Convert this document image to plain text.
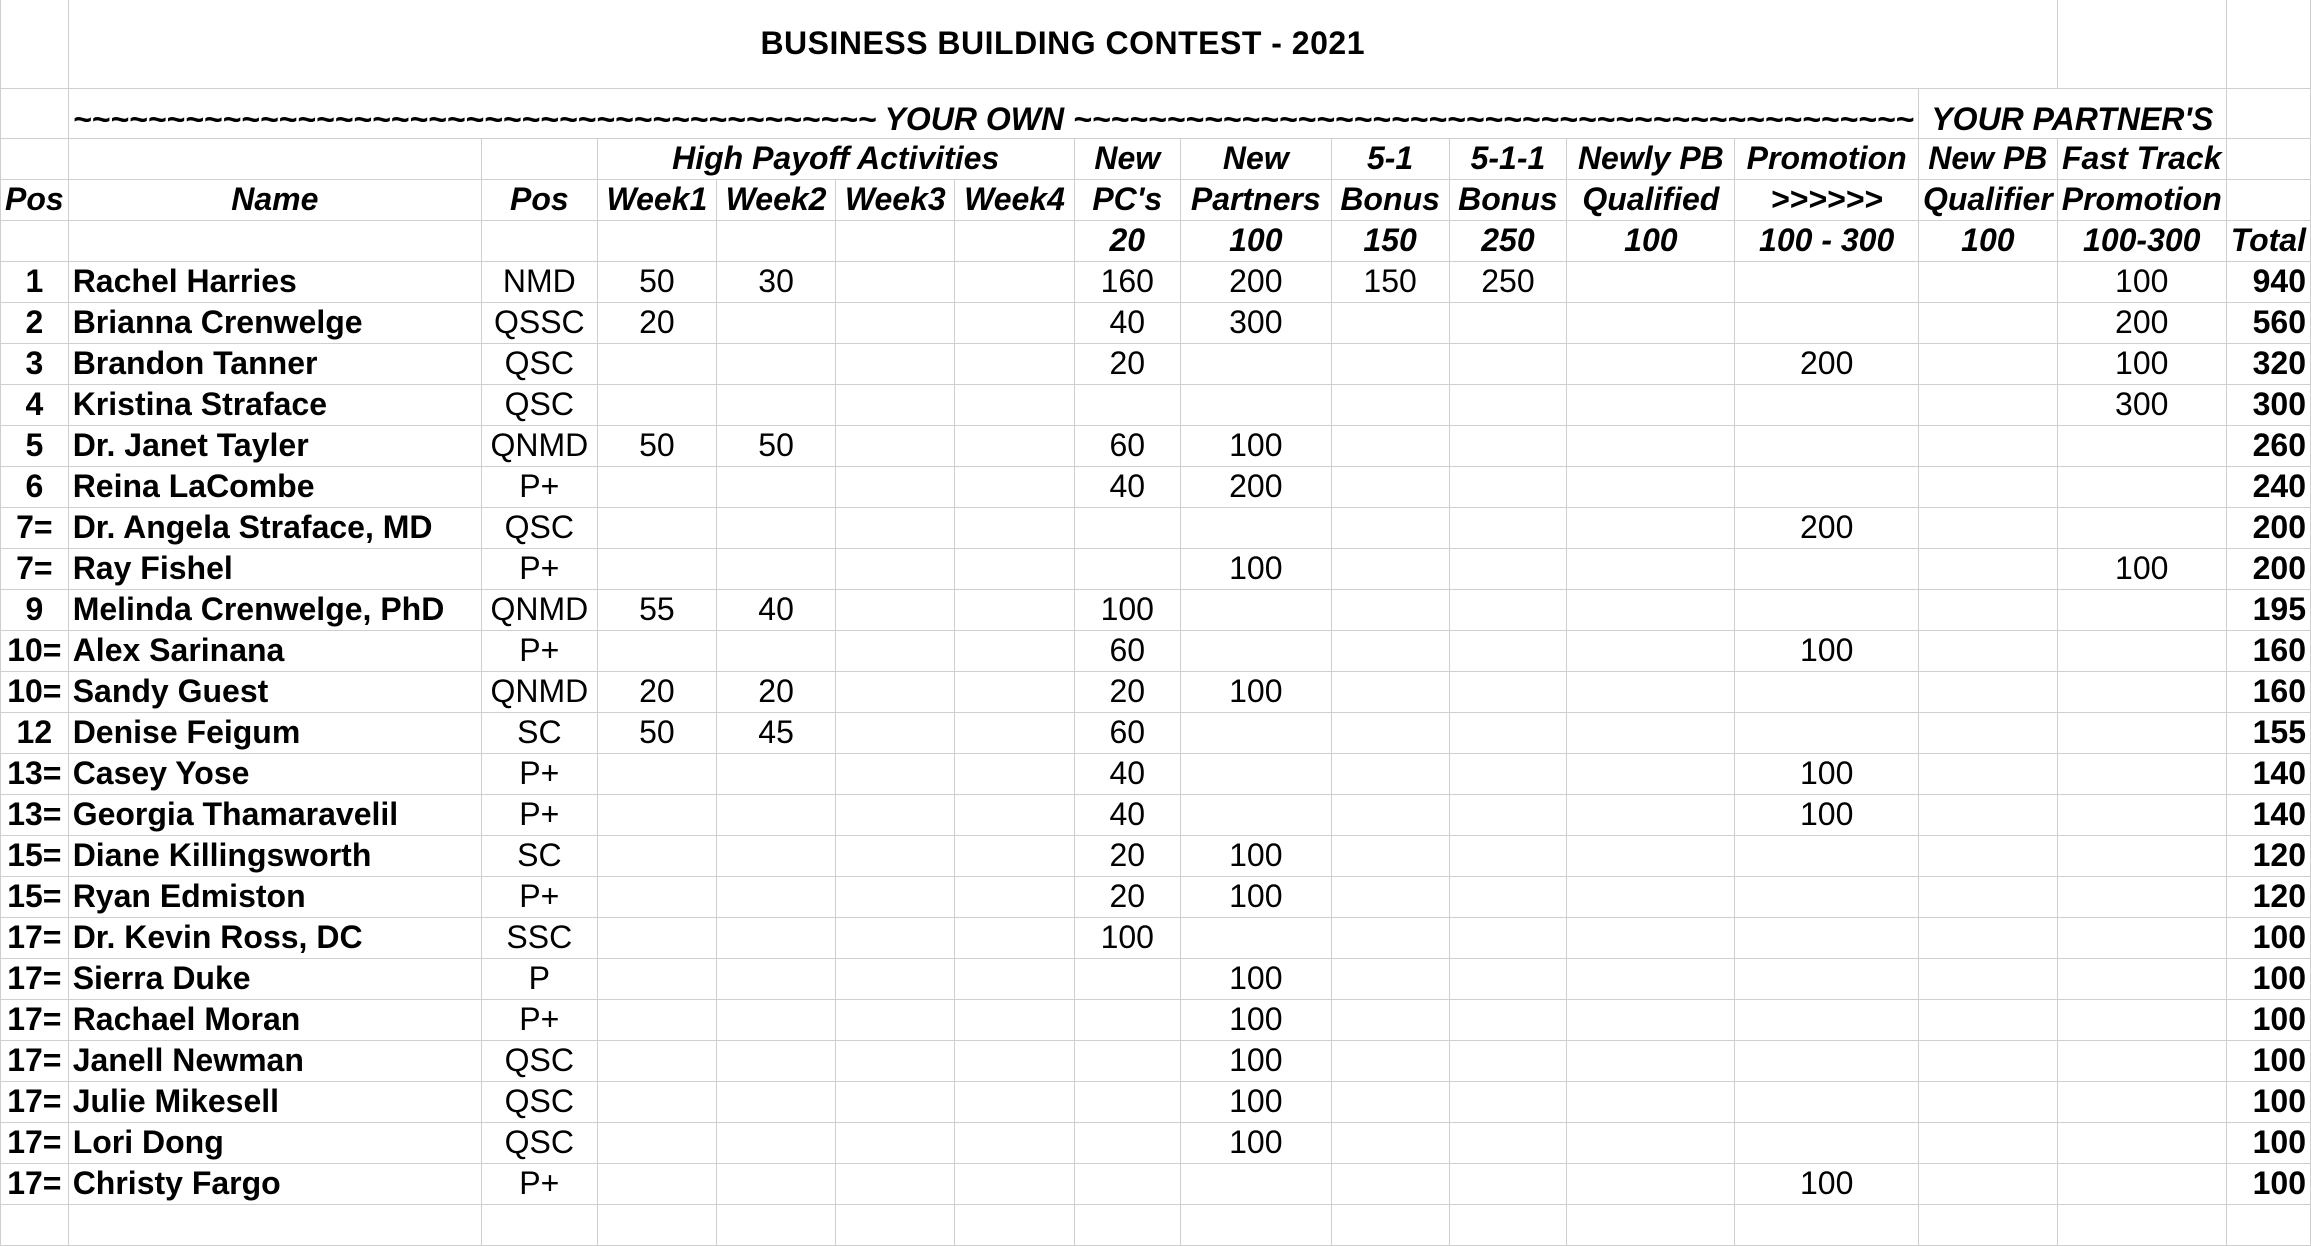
	BUSINESS BUILDING CONTEST - 2021														
	~~~~~~~~~~~~~~~~~~~~~~~~~~~~~~~~~~~~~~~~~~~ YOUR OWN ~~~~~~~~~~~~~~~~~~~~~~~~~~~~~~~~~~~~~~~~~~~~~												YOUR PARTNER'S		
			High Payoff Activities				New	New	5-1	5-1-1	Newly PB	Promotion	New PB	Fast Track	
Pos	Name	Pos	Week1	Week2	Week3	Week4	PC's	Partners	Bonus	Bonus	Qualified	>>>>>>	Qualifier	Promotion	
							20	100	150	250	100	100 - 300	100	100-300	Total
1	Rachel Harries	NMD	50	30			160	200	150	250				100	940
2	Brianna Crenwelge	QSSC	20				40	300						200	560
3	Brandon Tanner	QSC					20					200		100	320
4	Kristina Straface	QSC												300	300
5	Dr. Janet Tayler	QNMD	50	50			60	100							260
6	Reina LaCombe	P+					40	200							240
7=	Dr. Angela Straface, MD	QSC										200			200
7=	Ray Fishel	P+						100						100	200
9	Melinda Crenwelge, PhD	QNMD	55	40			100								195
10=	Alex Sarinana	P+					60					100			160
10=	Sandy Guest	QNMD	20	20			20	100							160
12	Denise Feigum	SC	50	45			60								155
13=	Casey Yose	P+					40					100			140
13=	Georgia Thamaravelil	P+					40					100			140
15=	Diane Killingsworth	SC					20	100							120
15=	Ryan Edmiston	P+					20	100							120
17=	Dr. Kevin Ross, DC	SSC					100								100
17=	Sierra Duke	P						100							100
17=	Rachael Moran	P+						100							100
17=	Janell Newman	QSC						100							100
17=	Julie Mikesell	QSC						100							100
17=	Lori Dong	QSC						100							100
17=	Christy Fargo	P+										100			100
